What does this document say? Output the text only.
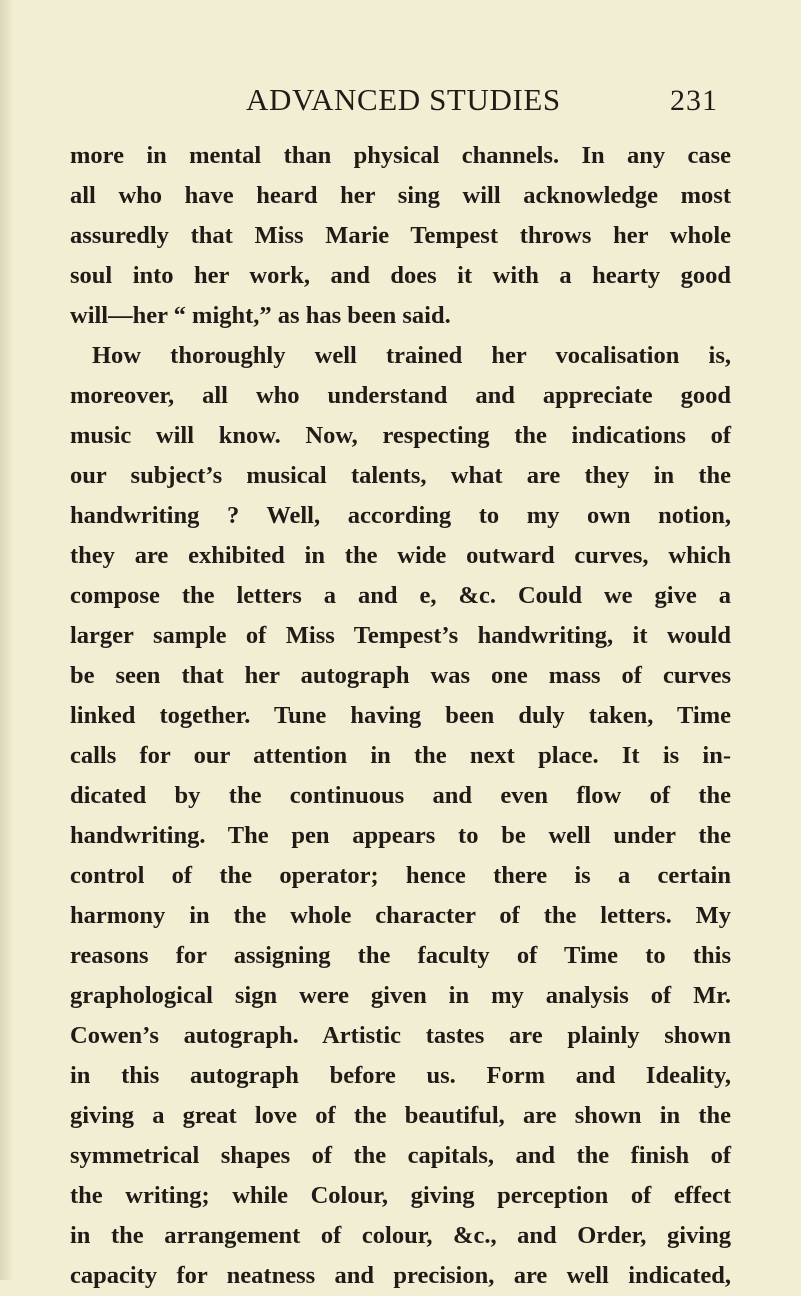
ADVANCED STUDIES	231
more in mental than physical channels. In any case
all who have heard her sing will acknowledge most
assuredly that Miss Marie Tempest throws her whole
soul into her work, and does it with a hearty good
will—her “ might,” as has been said.
How thoroughly well trained her vocalisation is,
moreover, all who understand and appreciate good
music will know. Now, respecting the indications of
our subject’s musical talents, what are they in the
handwriting ? Well, according to my own notion,
they are exhibited in the wide outward curves, which
compose the letters a and e, &c. Could we give a
larger sample of Miss Tempest’s handwriting, it would
be seen that her autograph was one mass of curves
linked together. Tune having been duly taken, Time
calls for our attention in the next place. It is in-
dicated by the continuous and even flow of the
handwriting. The pen appears to be well under the
control of the operator; hence there is a certain
harmony in the whole character of the letters. My
reasons for assigning the faculty of Time to this
graphological sign were given in my analysis of Mr.
Cowen’s autograph. Artistic tastes are plainly shown
in this autograph before us. Form and Ideality,
giving a great love of the beautiful, are shown in the
symmetrical shapes of the capitals, and the finish of
the writing; while Colour, giving perception of effect
in the arrangement of colour, &c., and Order, giving
capacity for neatness and precision, are well indicated,
